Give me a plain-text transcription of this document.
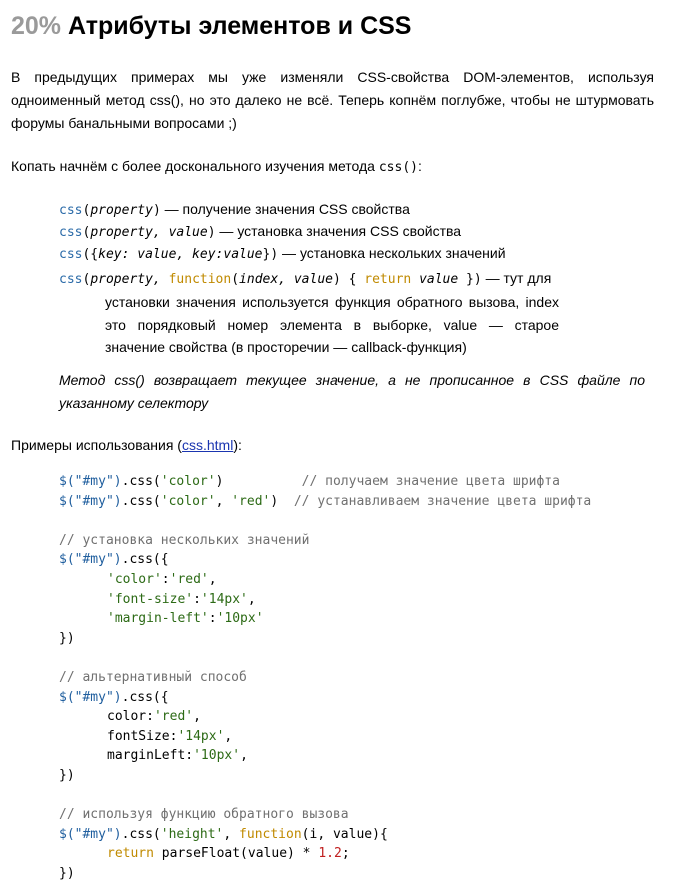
20% Атрибуты элементов и CSS

В предыдущих примерах мы уже изменяли CSS-свойства DOM-элементов, используя одноименный метод css(), но это далеко не всё. Теперь копнём поглубже, чтобы не штурмовать форумы банальными вопросами ;)

Копать начнём с более досконального изучения метода css():

css(property) — получение значения CSS свойства
css(property, value) — установка значения CSS свойства
css({key: value, key:value}) — установка нескольких значений
css(property, function(index, value) { return value }) — тут для
установки значения используется функция обратного вызова, index это порядковый номер элемента в выборке, value — старое значение свойства (в просторечии — callback-функция)

Метод css() возвращает текущее значение, а не прописанное в CSS файле по указанному селектору

Примеры использования (css.html):

$("#my").css('color')	// получаем значение цвета шрифта
$("#my").css('color', 'red') // устанавливаем значение цвета шрифта

// установка нескольких значений
$("#my").css({
'color':'red',
'font-size':'14px',
'margin-left':'10px'
})

// альтернативный способ
$("#my").css({
color:'red',
fontSize:'14px',
marginLeft:'10px',
})

// используя функцию обратного вызова
$("#my").css('height', function(i, value){
return parseFloat(value) * 1.2;
})
